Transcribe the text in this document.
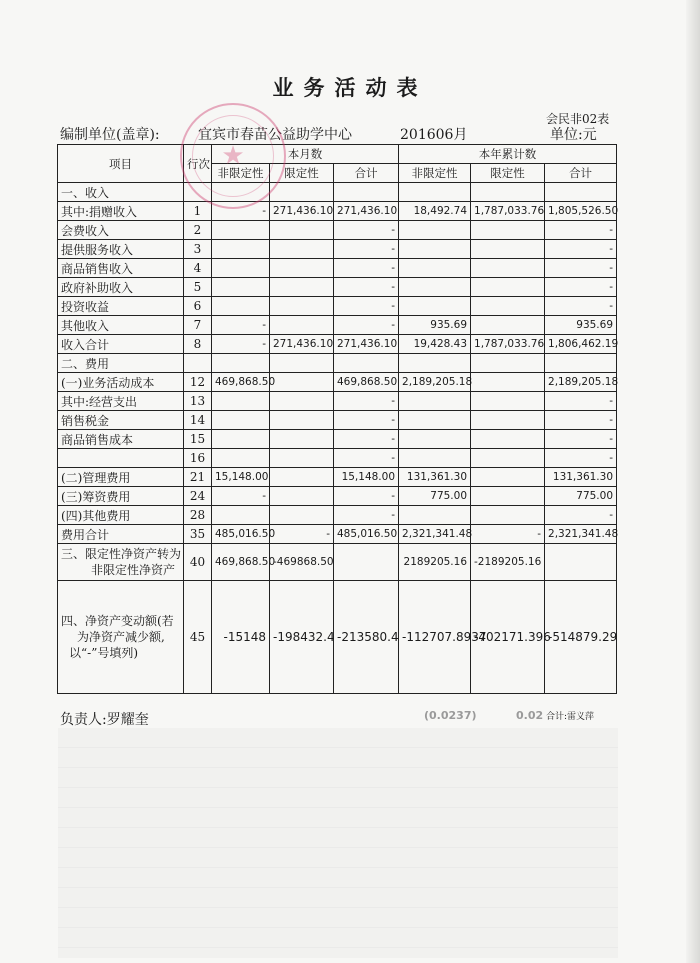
业务活动表
会民非02表
编制单位(盖章):	宜宾市春苗公益助学中心	201606月	单位:元
项目	行次	本月数			本年累计数		
		非限定性	限定性	合计	非限定性	限定性	合计
一、收入							
其中:捐赠收入	1	-	271,436.10	271,436.10	18,492.74	1,787,033.76	1,805,526.50
会费收入	2			-			-
提供服务收入	3			-			-
商品销售收入	4			-			-
政府补助收入	5			-			-
投资收益	6			-			-
其他收入	7	-		-	935.69		935.69
收入合计	8	-	271,436.10	271,436.10	19,428.43	1,787,033.76	1,806,462.19
二、费用							
(一)业务活动成本	12	469,868.50		469,868.50	2,189,205.18		2,189,205.18
其中:经营支出	13			-			-
销售税金	14			-			-
商品销售成本	15			-			-
	16			-			-
(二)管理费用	21	15,148.00		15,148.00	131,361.30		131,361.30
(三)筹资费用	24	-		-	775.00		775.00
(四)其他费用	28			-			-
费用合计	35	485,016.50	-	485,016.50	2,321,341.48	-	2,321,341.48

三、限定性净资产转为
非限定性净资产	40	469,868.50	-469868.50		2189205.16	-2189205.16	

四、净资产变动额(若
为净资产减少额,
以“-”号填列)	45	-15148	-198432.4	-213580.4	-112707.8937	-402171.396	-514879.29
★
负责人:罗耀奎	(0.0237)	0.02 合计:雷义萍
